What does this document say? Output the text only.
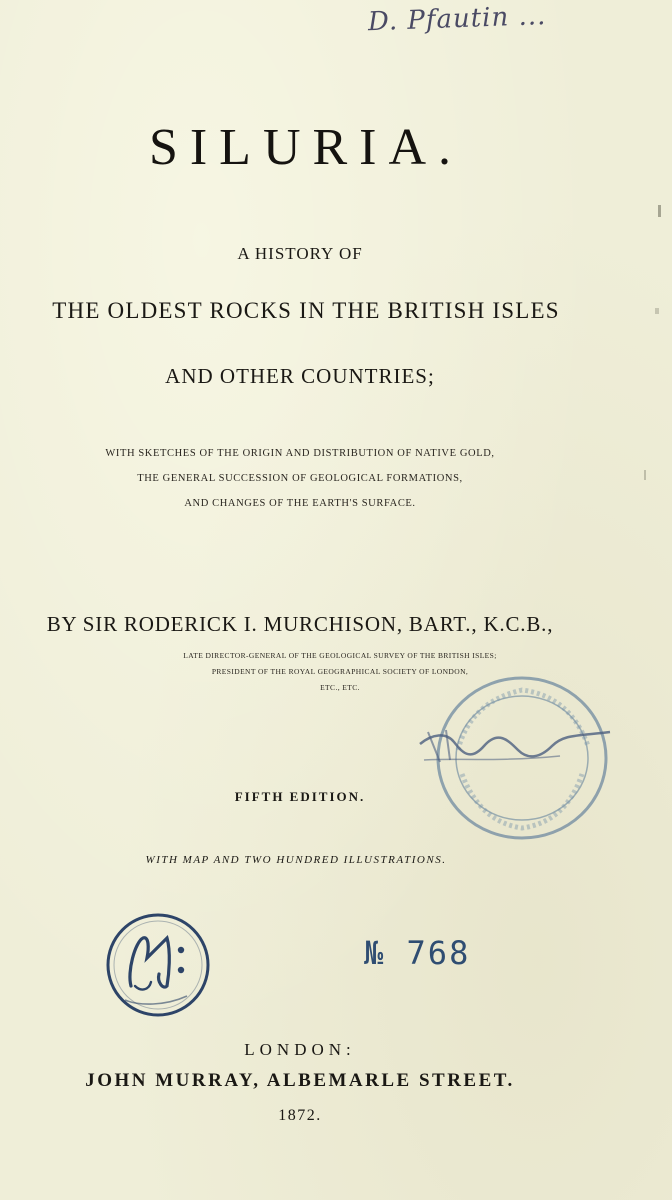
D. Pfautin ...
SILURIA.
A HISTORY OF
THE OLDEST ROCKS IN THE BRITISH ISLES
AND OTHER COUNTRIES;
WITH SKETCHES OF THE ORIGIN AND DISTRIBUTION OF NATIVE GOLD,
THE GENERAL SUCCESSION OF GEOLOGICAL FORMATIONS,
AND CHANGES OF THE EARTH'S SURFACE.
BY SIR RODERICK I. MURCHISON, BART., K.C.B.,
LATE DIRECTOR-GENERAL OF THE GEOLOGICAL SURVEY OF THE BRITISH ISLES;
PRESIDENT OF THE ROYAL GEOGRAPHICAL SOCIETY OF LONDON,
ETC., ETC.
FIFTH EDITION.
WITH MAP AND TWO HUNDRED ILLUSTRATIONS.
№ 768
LONDON:
JOHN MURRAY, ALBEMARLE STREET.
1872.
